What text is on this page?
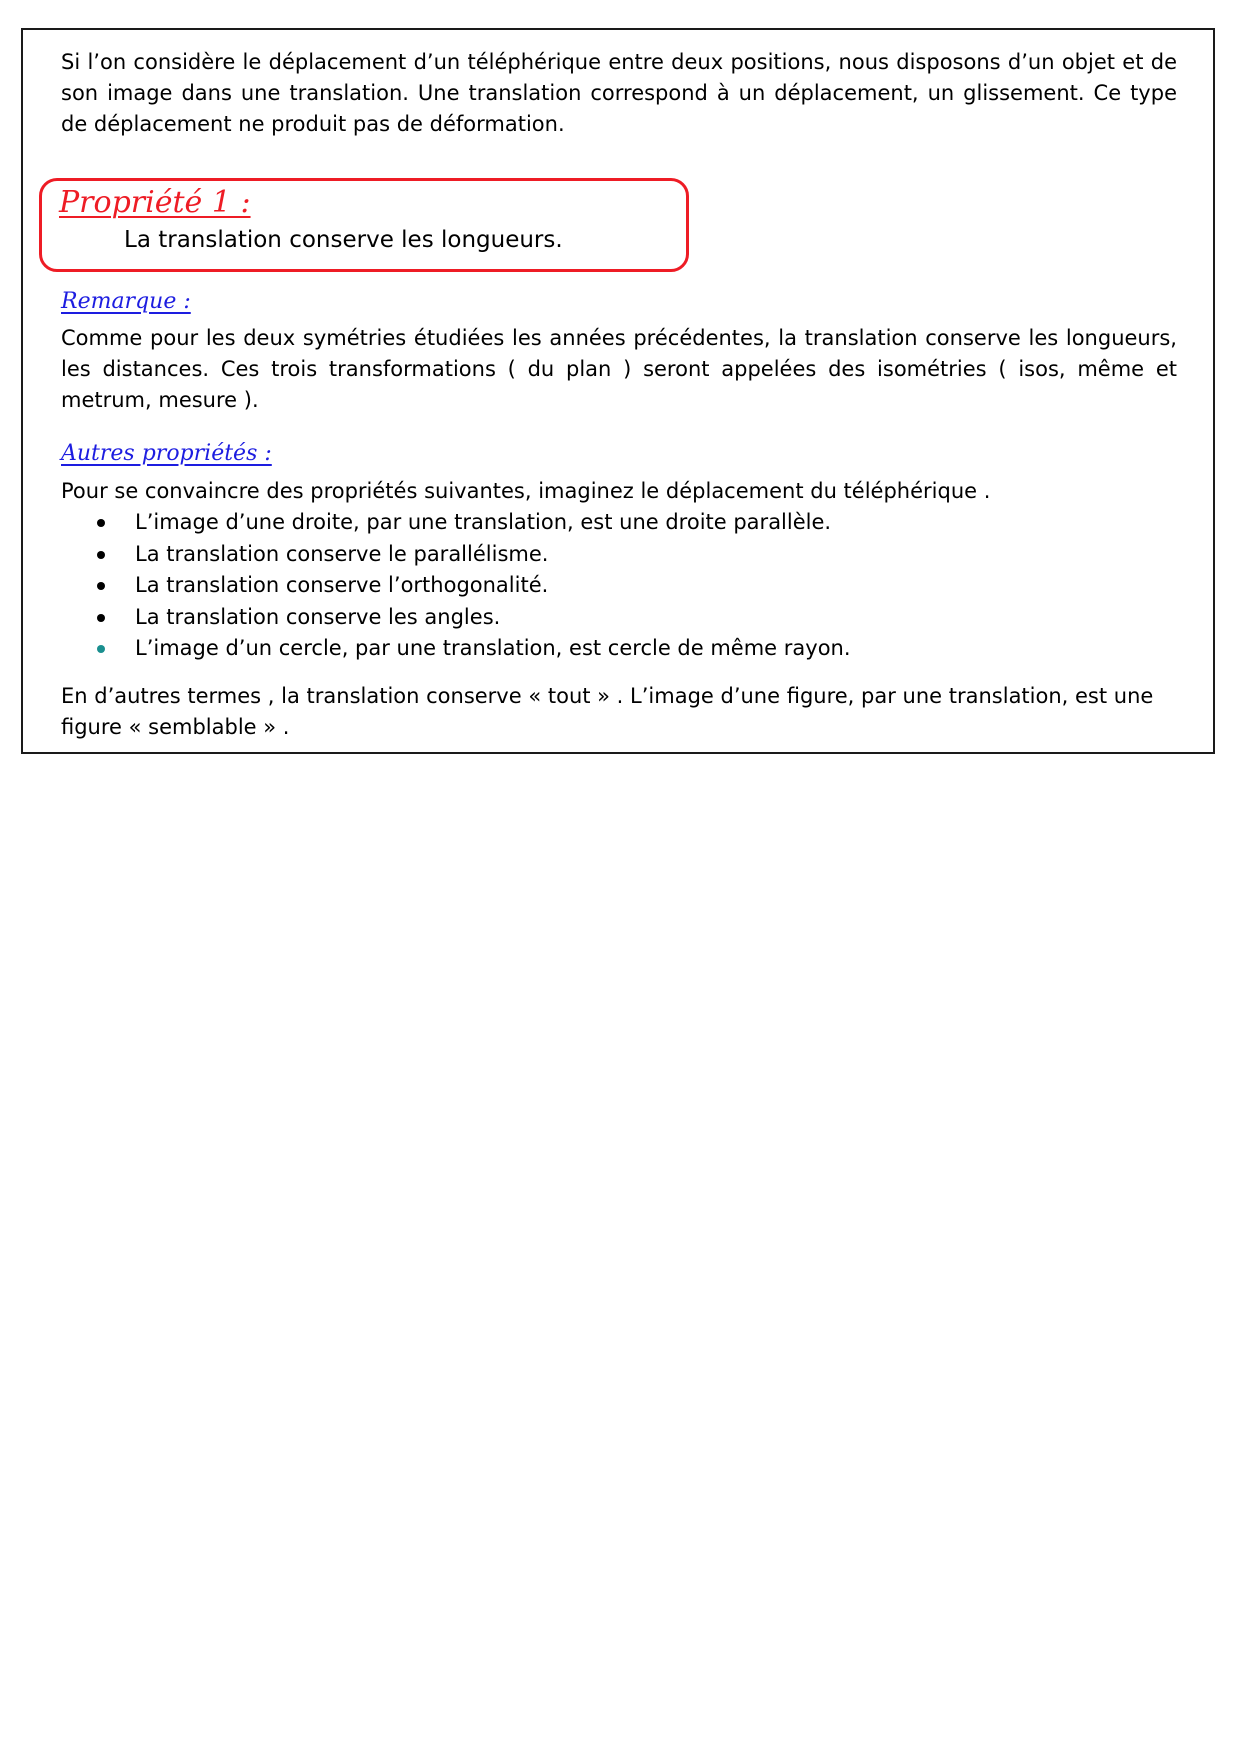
Si l’on considère le déplacement d’un téléphérique entre deux positions, nous disposons d’un objet et de son image dans une translation. Une translation correspond à un déplacement, un glissement. Ce type de déplacement ne produit pas de déformation.

Propriété 1 :

La translation conserve les longueurs.

Remarque :

Comme pour les deux symétries étudiées les années précédentes, la translation conserve les longueurs, les distances. Ces trois transformations ( du plan ) seront appelées des isométries ( isos, même et metrum, mesure ).

Autres propriétés :

Pour se convaincre des propriétés suivantes, imaginez le déplacement du téléphérique .

L’image d’une droite, par une translation, est une droite parallèle.
La translation conserve le parallélisme.
La translation conserve l’orthogonalité.
La translation conserve les angles.
L’image d’un cercle, par une translation, est cercle de même rayon.

En d’autres termes , la translation conserve « tout » . L’image d’une figure, par une translation, est une figure « semblable » .
